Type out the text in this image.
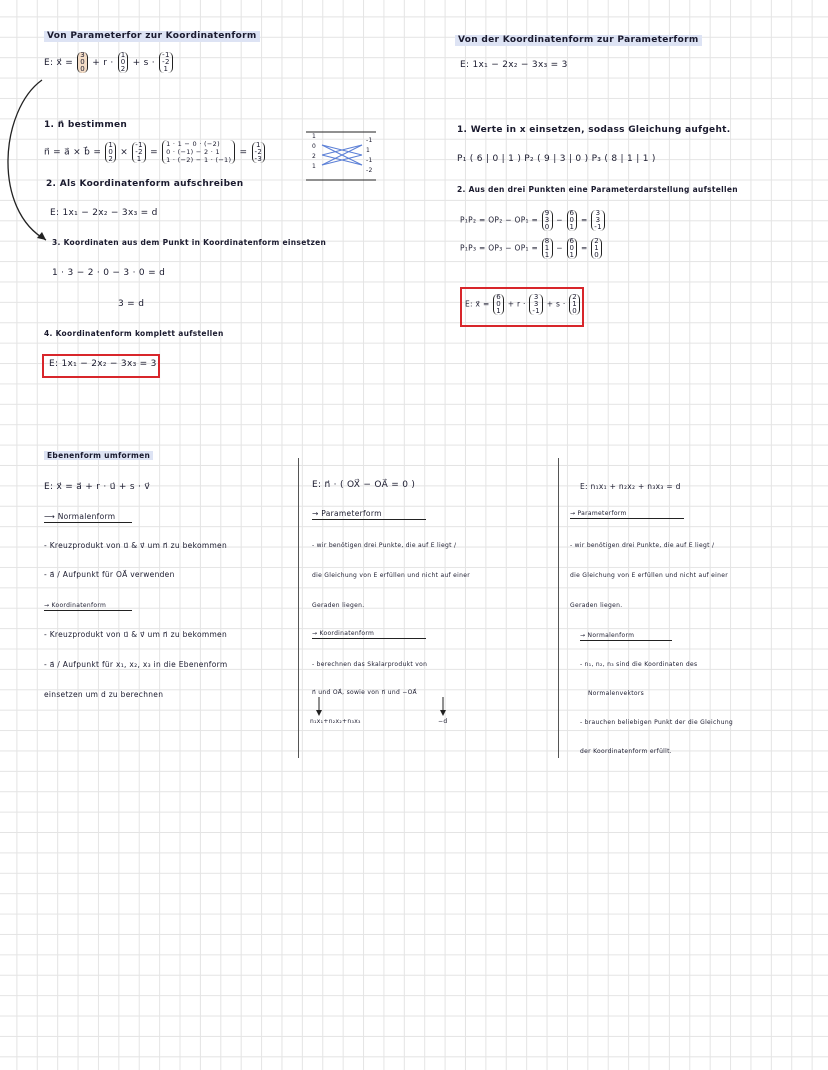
Von Parameterfor zur Koordinatenform
E: x⃗ =
3
0
0
+ r ·
1
0
2
+ s ·
-1
-2
1
1. n⃗ bestimmen
n⃗ = a⃗ × b⃗ =
1
0
2
×
-1
-2
1
=
1 · 1 − 0 · (−2)
0 · (−1) − 2 · 1
1 · (−2) − 1 · (−1)
=
1
-2
-3
2. Als Koordinatenform aufschreiben
E: 1x₁ − 2x₂ − 3x₃ = d
3. Koordinaten aus dem Punkt in Koordinatenform einsetzen
1 · 3 − 2 · 0 − 3 · 0 = d
3 = d
4. Koordinatenform komplett aufstellen
E: 1x₁ − 2x₂ − 3x₃ = 3
1
0
2
1
-1
1
-1
-2
Von der Koordinatenform zur Parameterform
E: 1x₁ − 2x₂ − 3x₃ = 3
1. Werte in x einsetzen, sodass Gleichung aufgeht.
P₁ ( 6 | 0 | 1 ) P₂ ( 9 | 3 | 0 ) P₃ ( 8 | 1 | 1 )
2. Aus den drei Punkten eine Parameterdarstellung aufstellen
P₁P₂ = OP₂ − OP₁ =
9
3
0
−
6
0
1
=
3
3
-1
P₁P₃ = OP₃ − OP₁ =
8
1
1
−
6
0
1
=
2
1
0
E: x⃗ =
6
0
1
+ r ·
3
3
-1
+ s ·
2
1
0
Ebenenform umformen
E: x⃗ = a⃗ + r · u⃗ + s · v⃗
⟶ Normalenform
- Kreuzprodukt von u⃗ & v⃗ um n⃗ zu bekommen
- a⃗ / Aufpunkt für OA⃗ verwenden
→ Koordinatenform
- Kreuzprodukt von u⃗ & v⃗ um n⃗ zu bekommen
- a⃗ / Aufpunkt für x₁, x₂, x₃ in die Ebenenform
einsetzen um d zu berechnen
E: n⃗ · ( OX⃗ − OA⃗ = 0 )
→ Parameterform
- wir benötigen drei Punkte, die auf E liegt /
die Gleichung von E erfüllen und nicht auf einer
Geraden liegen.
→ Koordinatenform
- berechnen das Skalarprodukt von
n⃗ und OA⃗, sowie von n⃗ und −OA⃗
n₁x₁+n₂x₂+n₃x₃	−d
E: n₁x₁ + n₂x₂ + n₃x₃ = d
→ Parameterform
- wir benötigen drei Punkte, die auf E liegt /
die Gleichung von E erfüllen und nicht auf einer
Geraden liegen.
→ Normalenform
- n₁, n₂, n₃ sind die Koordinaten des
Normalenvektors
- brauchen beliebigen Punkt der die Gleichung
der Koordinatenform erfüllt.
